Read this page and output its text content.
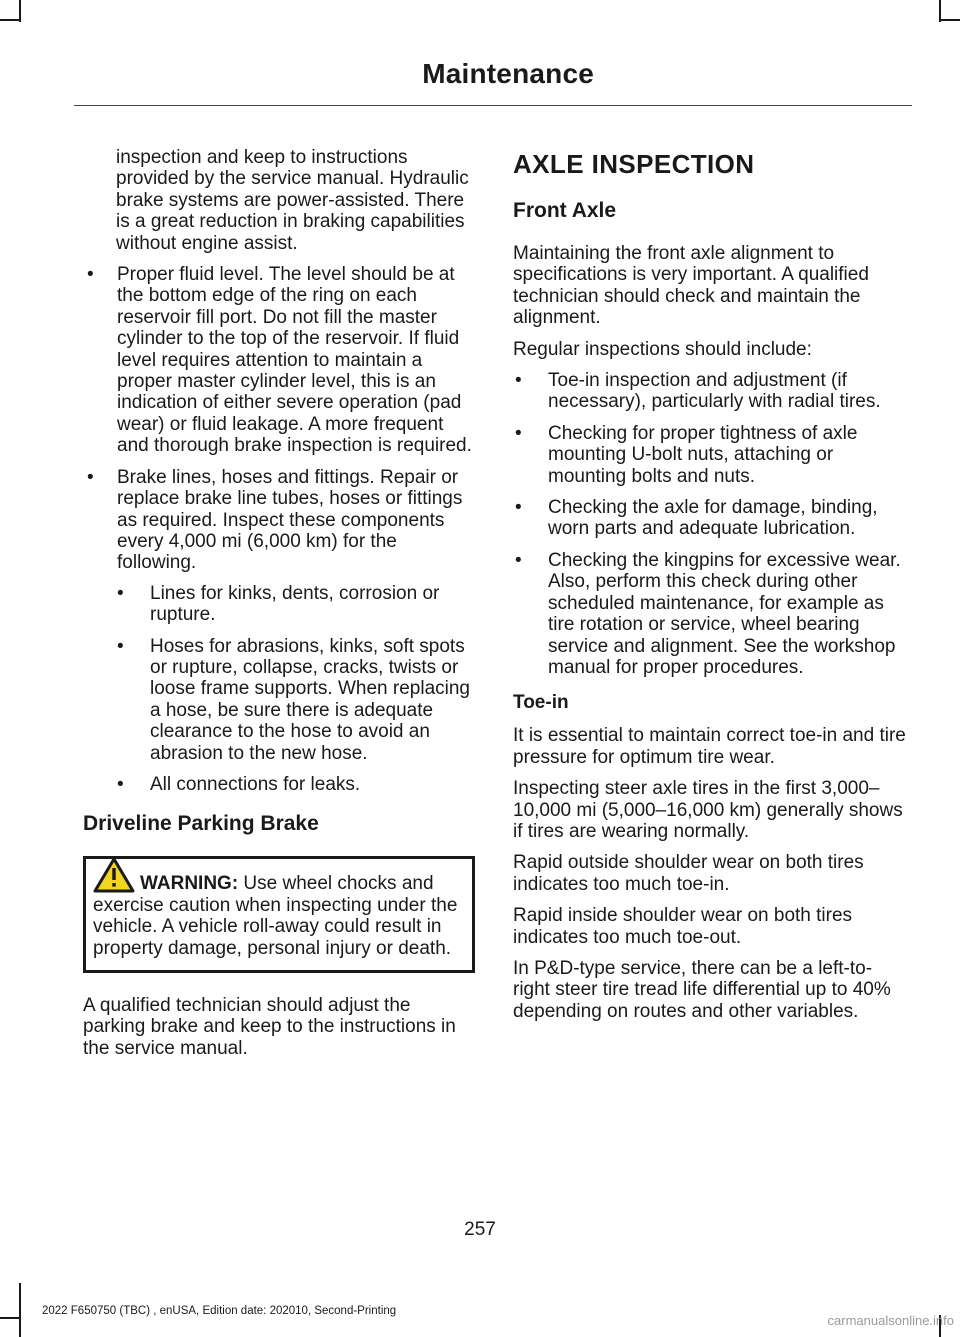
Maintenance

inspection and keep to instructions provided by the service manual. Hydraulic brake systems are power-assisted. There is a great reduction in braking capabilities without engine assist.

• Proper fluid level. The level should be at the bottom edge of the ring on each reservoir fill port. Do not fill the master cylinder to the top of the reservoir. If fluid level requires attention to maintain a proper master cylinder level, this is an indication of either severe operation (pad wear) or fluid leakage. A more frequent and thorough brake inspection is required.
• Brake lines, hoses and fittings. Repair or replace brake line tubes, hoses or fittings as required. Inspect these components every 4,000 mi (6,000 km) for the following.
• Lines for kinks, dents, corrosion or rupture.
• Hoses for abrasions, kinks, soft spots or rupture, collapse, cracks, twists or loose frame supports. When replacing a hose, be sure there is adequate clearance to the hose to avoid an abrasion to the new hose.
• All connections for leaks.
Driveline Parking Brake
WARNING: Use wheel chocks and exercise caution when inspecting under the vehicle. A vehicle roll-away could result in property damage, personal injury or death.

A qualified technician should adjust the parking brake and keep to the instructions in the service manual.

AXLE INSPECTION
Front Axle

Maintaining the front axle alignment to specifications is very important. A qualified technician should check and maintain the alignment.

Regular inspections should include:

• Toe-in inspection and adjustment (if necessary), particularly with radial tires.
• Checking for proper tightness of axle mounting U-bolt nuts, attaching or mounting bolts and nuts.
• Checking the axle for damage, binding, worn parts and adequate lubrication.
• Checking the kingpins for excessive wear. Also, perform this check during other scheduled maintenance, for example as tire rotation or service, wheel bearing service and alignment. See the workshop manual for proper procedures.
Toe-in

It is essential to maintain correct toe-in and tire pressure for optimum tire wear.

Inspecting steer axle tires in the first 3,000–10,000 mi (5,000–16,000 km) generally shows if tires are wearing normally.

Rapid outside shoulder wear on both tires indicates too much toe-in.

Rapid inside shoulder wear on both tires indicates too much toe-out.

In P&D-type service, there can be a left-to-right steer tire tread life differential up to 40% depending on routes and other variables.

257
2022 F650750 (TBC) , enUSA, Edition date: 202010, Second-Printing
carmanualsonline.info
